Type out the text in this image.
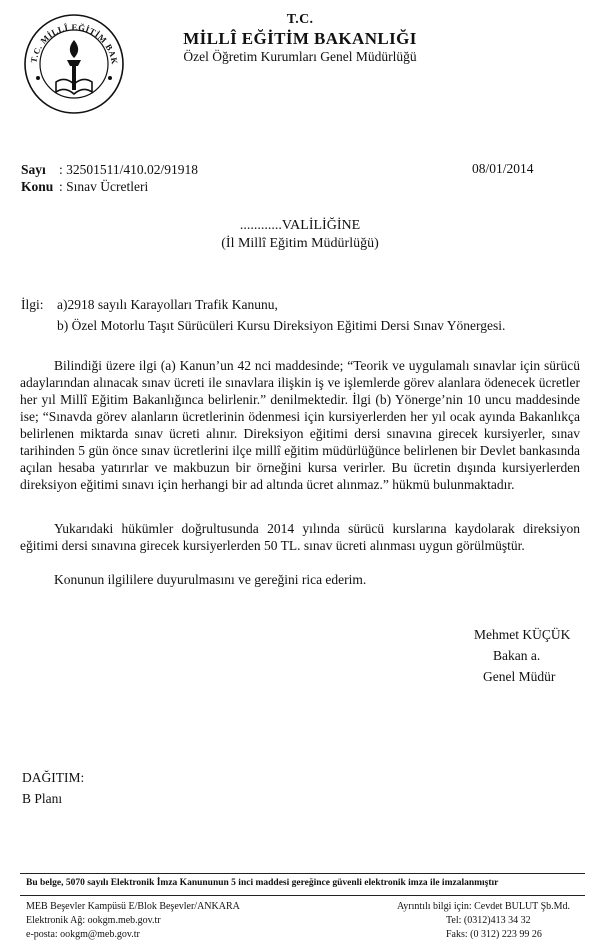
T.C. MİLLÎ EĞİTİM BAK
T.C.
MİLLÎ EĞİTİM BAKANLIĞI
Özel Öğretim Kurumları Genel Müdürlüğü
Sayı : 32501511/410.02/91918
Konu : Sınav Ücretleri
08/01/2014
............VALİLİĞİNE
(İl Millî Eğitim Müdürlüğü)
İlgi: a)2918 sayılı Karayolları Trafik Kanunu,
b) Özel Motorlu Taşıt Sürücüleri Kursu Direksiyon Eğitimi Dersi Sınav Yönergesi.
Bilindiği üzere ilgi (a) Kanun’un 42 nci maddesinde; “Teorik ve uygulamalı sınavlar için sürücü adaylarından alınacak sınav ücreti ile sınavlara ilişkin iş ve işlemlerde görev alanlara ödenecek ücretler her yıl Millî Eğitim Bakanlığınca belirlenir.” denilmektedir. İlgi (b) Yönerge’nin 10 uncu maddesinde ise; “Sınavda görev alanların ücretlerinin ödenmesi için kursiyerlerden her yıl ocak ayında Bakanlıkça belirlenen miktarda sınav ücreti alınır. Direksiyon eğitimi dersi sınavına girecek kursiyerler, sınav tarihinden 5 gün önce sınav ücretlerini ilçe millî eğitim müdürlüğünce belirlenen bir Devlet bankasında açılan hesaba yatırırlar ve makbuzun bir örneğini kursa verirler. Bu ücretin dışında kursiyerlerden direksiyon eğitimi sınavı için herhangi bir ad altında ücret alınmaz.” hükmü bulunmaktadır.
Yukarıdaki hükümler doğrultusunda 2014 yılında sürücü kurslarına kaydolarak direksiyon eğitimi dersi sınavına girecek kursiyerlerden 50 TL. sınav ücreti alınması uygun görülmüştür.
Konunun ilgililere duyurulmasını ve gereğini rica ederim.
Mehmet KÜÇÜK
Bakan a.
Genel Müdür
DAĞITIM:
B Planı
Bu belge, 5070 sayılı Elektronik İmza Kanununun 5 inci maddesi gereğince güvenli elektronik imza ile imzalanmıştır
MEB Beşevler Kampüsü E/Blok Beşevler/ANKARA
Elektronik Ağ: ookgm.meb.gov.tr
e-posta: ookgm@meb.gov.tr
Ayrıntılı bilgi için: Cevdet BULUT Şb.Md.
Tel: (0312)413 34 32
Faks: (0 312) 223 99 26
